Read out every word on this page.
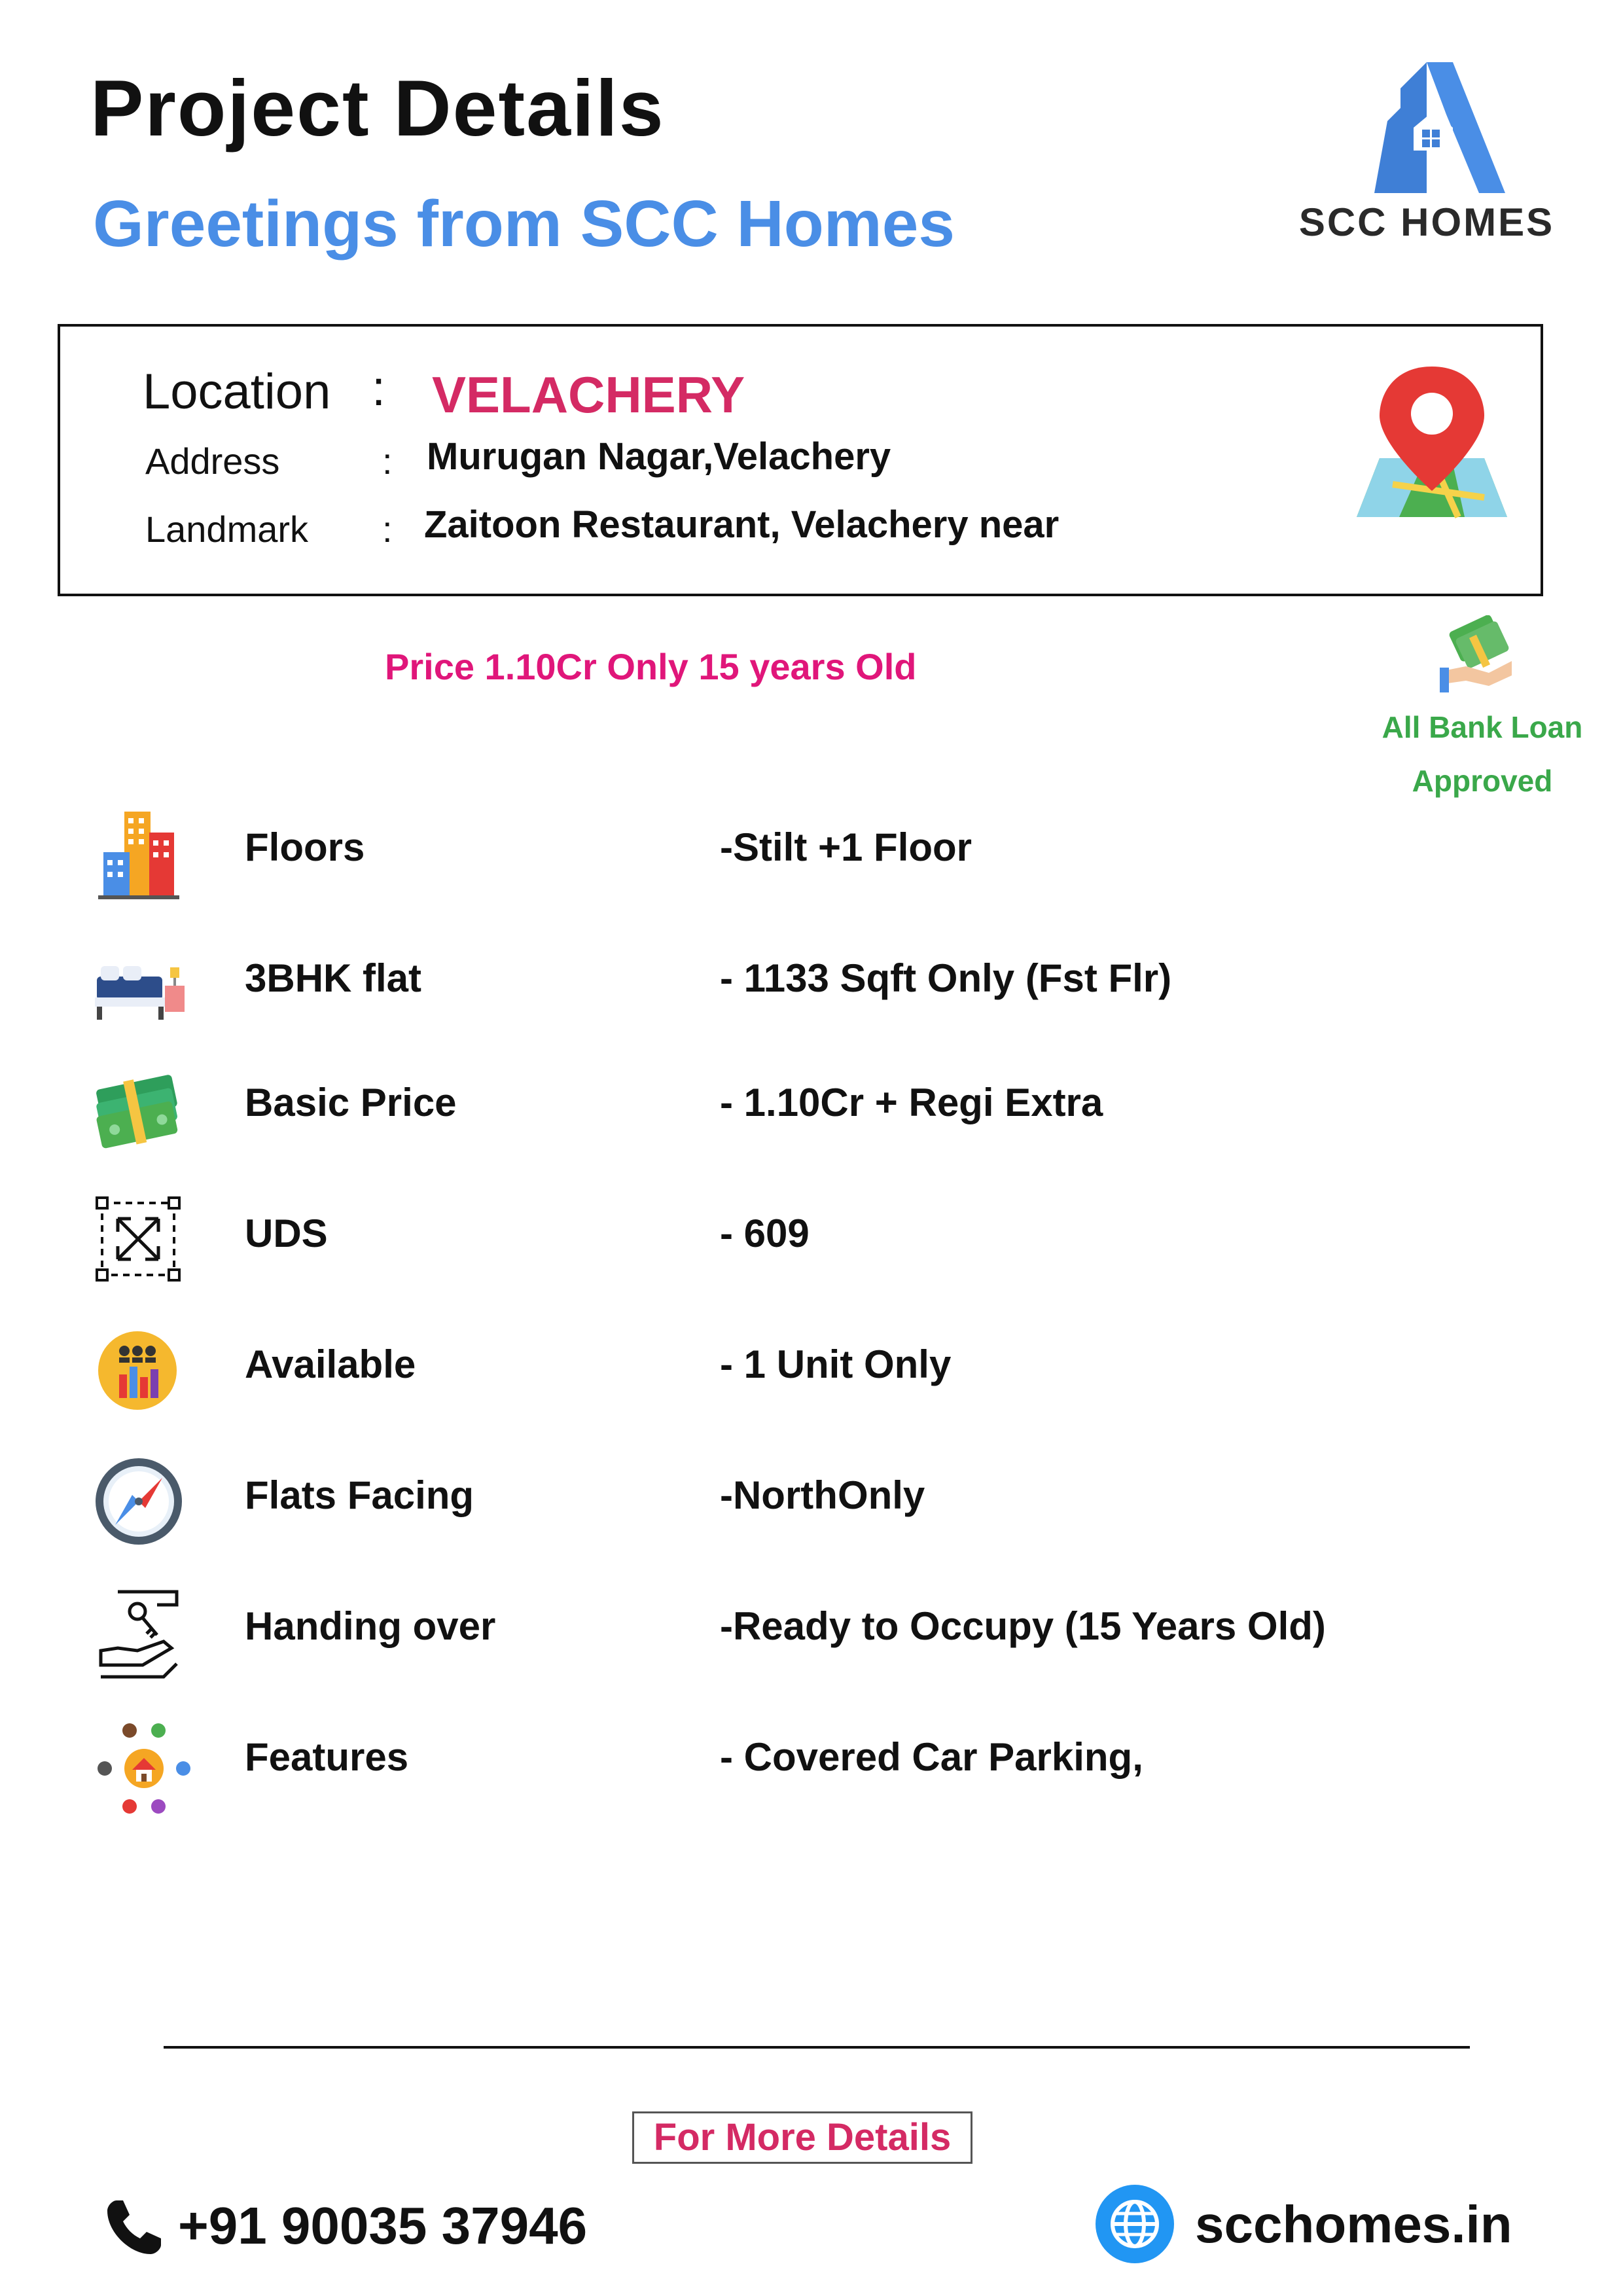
Project Details
Greetings from SCC Homes	SCC HOMES
Location : VELACHERY
Address	: Murugan Nagar,Velachery
Landmark : Zaitoon Restaurant, Velachery near
Price 1.10Cr Only 15 years Old
All Bank Loan
Approved
Floors	-Stilt +1 Floor
3BHK flat	- 1133 Sqft Only (Fst Flr)
Basic Price	- 1.10Cr + Regi Extra
UDS	- 609
Available	- 1 Unit Only
Flats Facing	-NorthOnly
Handing over	-Ready to Occupy (15 Years Old)
Features	- Covered Car Parking,
For More Details
+91 90035 37946	scchomes.in
